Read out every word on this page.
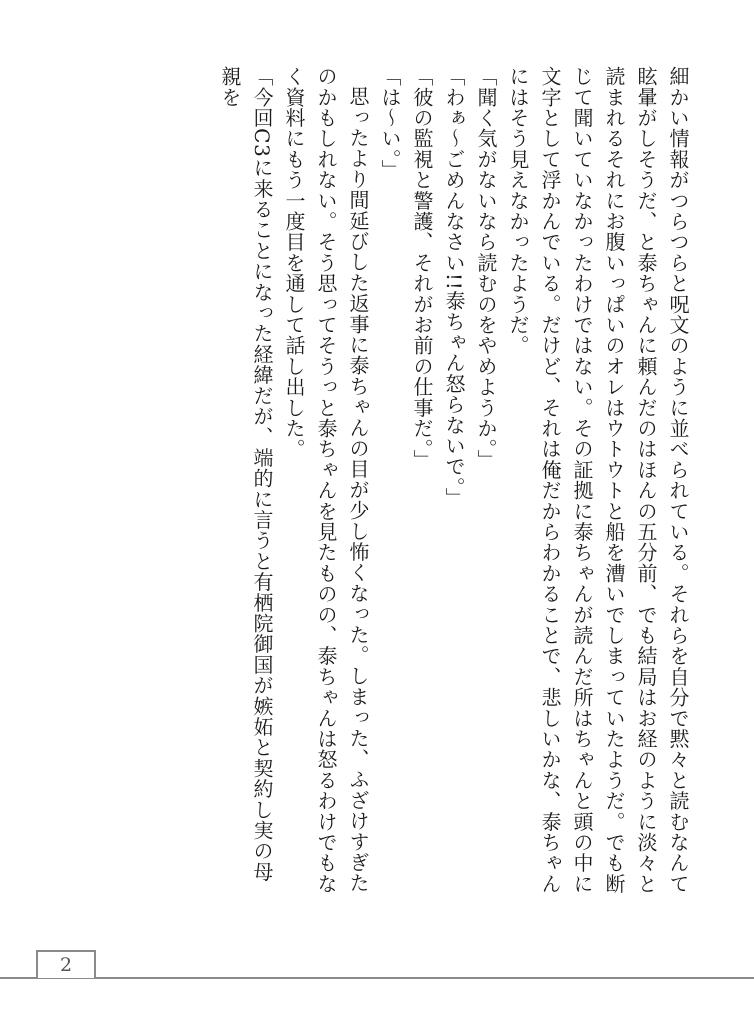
細かい情報がつらつらと呪文のように並べられている。それらを自分で黙々と読むなんて眩暈がしそうだ、と泰ちゃんに頼んだのはほんの五分前、でも結局はお経のように淡々と読まれるそれにお腹いっぱいのオレはウトウトと船を漕いでしまっていたようだ。でも断じて聞いていなかったわけではない。その証拠に泰ちゃんが読んだ所はちゃんと頭の中に文字として浮かんでいる。だけど、それは俺だからわかることで、悲しいかな、泰ちゃんにはそう見えなかったようだ。

「聞く気がないなら読むのをやめようか。」

「わぁ〜ごめんなさい!!泰ちゃん怒らないで。」

「彼の監視と警護、それがお前の仕事だ。」

「は〜い。」

思ったより間延びした返事に泰ちゃんの目が少し怖くなった。しまった、ふざけすぎたのかもしれない。そう思ってそうっと泰ちゃんを見たものの、泰ちゃんは怒るわけでもなく資料にもう一度目を通して話し出した。

「今回C3に来ることになった経緯だが、端的に言うと有栖院御国が嫉妬と契約し実の母親を

2
